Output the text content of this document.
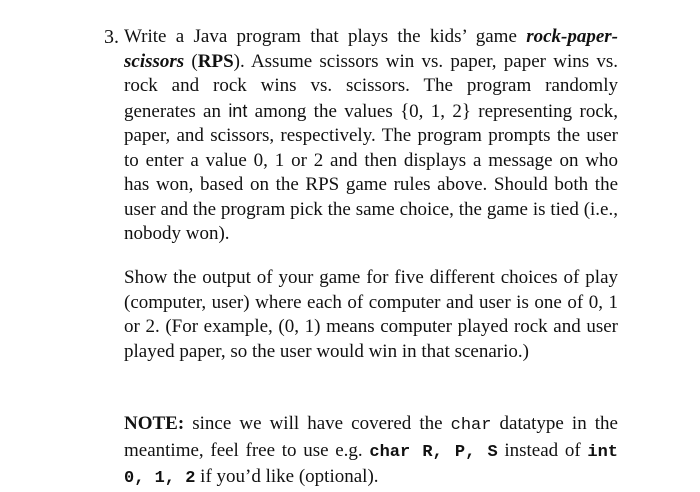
3. Write a Java program that plays the kids’ game rock-paper-scissors (RPS). Assume scissors win vs. paper, paper wins vs. rock and rock wins vs. scissors. The program randomly generates an int among the values {0, 1, 2} representing rock, paper, and scissors, respectively. The program prompts the user to enter a value 0, 1 or 2 and then displays a message on who has won, based on the RPS game rules above. Should both the user and the program pick the same choice, the game is tied (i.e., nobody won).

Show the output of your game for five different choices of play (computer, user) where each of computer and user is one of 0, 1 or 2. (For example, (0, 1) means computer played rock and user played paper, so the user would win in that scenario.)

NOTE: since we will have covered the char datatype in the meantime, feel free to use e.g. char R, P, S instead of int 0, 1, 2 if you’d like (optional).
